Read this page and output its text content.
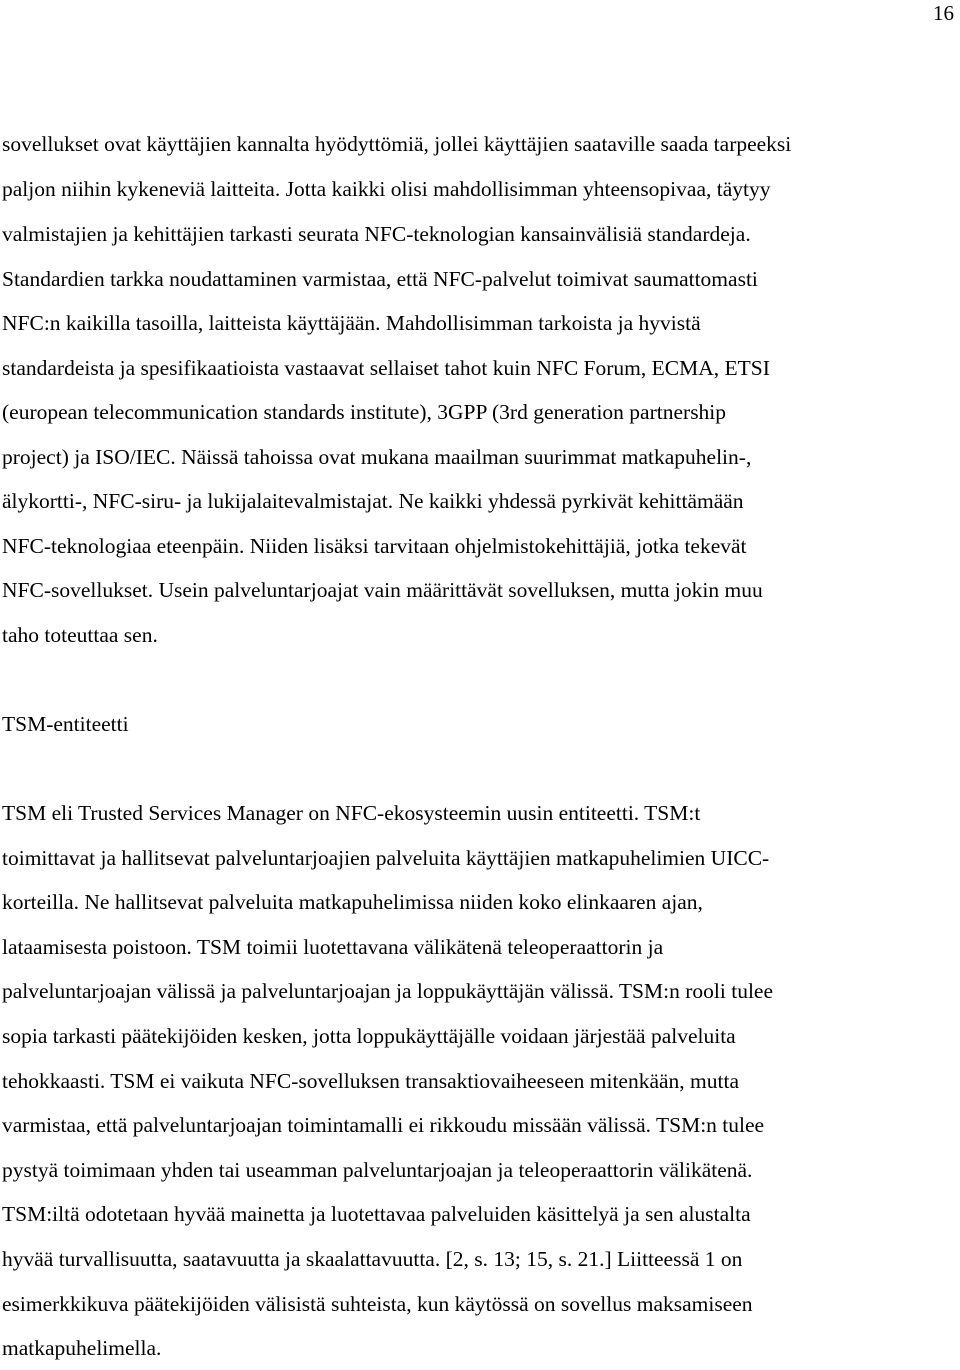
16
sovellukset ovat käyttäjien kannalta hyödyttömiä, jollei käyttäjien saataville saada tarpeeksi
paljon niihin kykeneviä laitteita. Jotta kaikki olisi mahdollisimman yhteensopivaa, täytyy
valmistajien ja kehittäjien tarkasti seurata NFC-teknologian kansainvälisiä standardeja.
Standardien tarkka noudattaminen varmistaa, että NFC-palvelut toimivat saumattomasti
NFC:n kaikilla tasoilla, laitteista käyttäjään. Mahdollisimman tarkoista ja hyvistä
standardeista ja spesifikaatioista vastaavat sellaiset tahot kuin NFC Forum, ECMA, ETSI
(european telecommunication standards institute), 3GPP (3rd generation partnership
project) ja ISO/IEC. Näissä tahoissa ovat mukana maailman suurimmat matkapuhelin-,
älykortti-, NFC-siru- ja lukijalaitevalmistajat. Ne kaikki yhdessä pyrkivät kehittämään
NFC-teknologiaa eteenpäin. Niiden lisäksi tarvitaan ohjelmistokehittäjiä, jotka tekevät
NFC-sovellukset. Usein palveluntarjoajat vain määrittävät sovelluksen, mutta jokin muu
taho toteuttaa sen.
TSM-entiteetti
TSM eli Trusted Services Manager on NFC-ekosysteemin uusin entiteetti. TSM:t
toimittavat ja hallitsevat palveluntarjoajien palveluita käyttäjien matkapuhelimien UICC-
korteilla. Ne hallitsevat palveluita matkapuhelimissa niiden koko elinkaaren ajan,
lataamisesta poistoon. TSM toimii luotettavana välikätenä teleoperaattorin ja
palveluntarjoajan välissä ja palveluntarjoajan ja loppukäyttäjän välissä. TSM:n rooli tulee
sopia tarkasti päätekijöiden kesken, jotta loppukäyttäjälle voidaan järjestää palveluita
tehokkaasti. TSM ei vaikuta NFC-sovelluksen transaktiovaiheeseen mitenkään, mutta
varmistaa, että palveluntarjoajan toimintamalli ei rikkoudu missään välissä. TSM:n tulee
pystyä toimimaan yhden tai useamman palveluntarjoajan ja teleoperaattorin välikätenä.
TSM:iltä odotetaan hyvää mainetta ja luotettavaa palveluiden käsittelyä ja sen alustalta
hyvää turvallisuutta, saatavuutta ja skaalattavuutta. [2, s. 13; 15, s. 21.] Liitteessä 1 on
esimerkkikuva päätekijöiden välisistä suhteista, kun käytössä on sovellus maksamiseen
matkapuhelimella.
